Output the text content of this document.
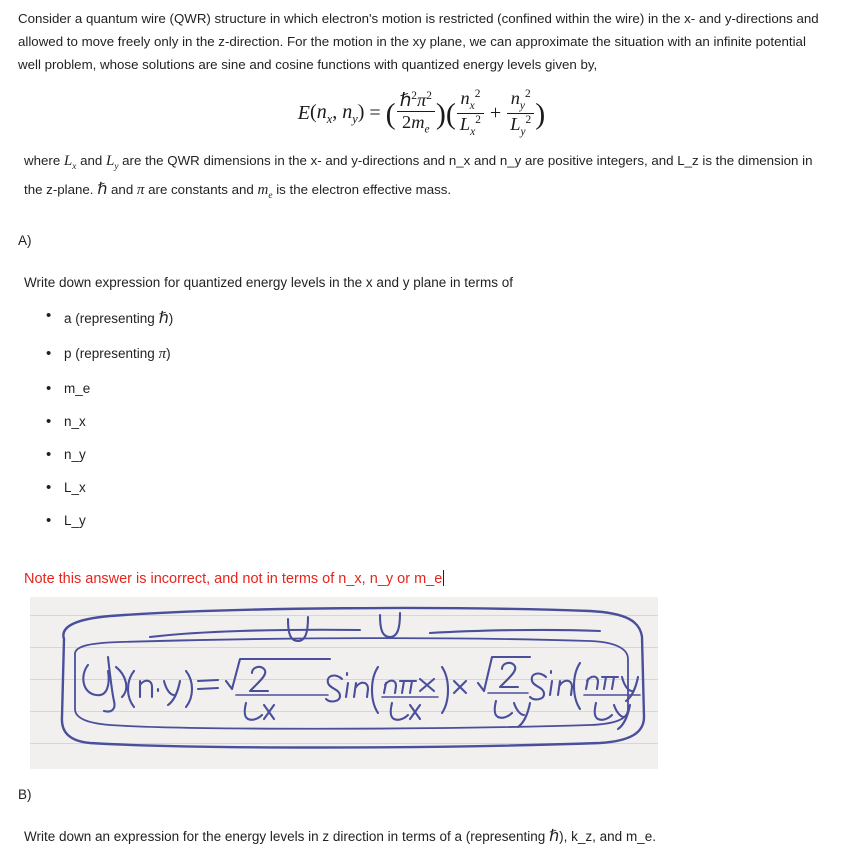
Consider a quantum wire (QWR) structure in which electron's motion is restricted (confined within the wire) in the x- and y-directions and allowed to move freely only in the z-direction. For the motion in the xy plane, we can approximate the situation with an infinite potential well problem, whose solutions are sine and cosine functions with quantized energy levels given by,

$E(n_x$, $n_y$) = ( $\frac{\hbar^2\pi^2}{2m_e}$ )( $\frac{n_x^2}{L_x^2} + \frac{n_y^2}{L_y^2}$ )

where $L_x$ and $L_y$ are the QWR dimensions in the x- and y-directions and n_x and n_y are positive integers, and L_z is the dimension in the z-plane. ℏ and π are constants and $m_e$ is the electron effective mass.

A)
Write down expression for quantized energy levels in the x and y plane in terms of
• a (representing ℏ)
• p (representing π)
• m_e
• n_x
• n_y
• L_x
• L_y
Note this answer is incorrect, and not in terms of n_x, n_y or m_e
B)
Write down an expression for the energy levels in z direction in terms of a (representing ℏ), k_z, and m_e.
